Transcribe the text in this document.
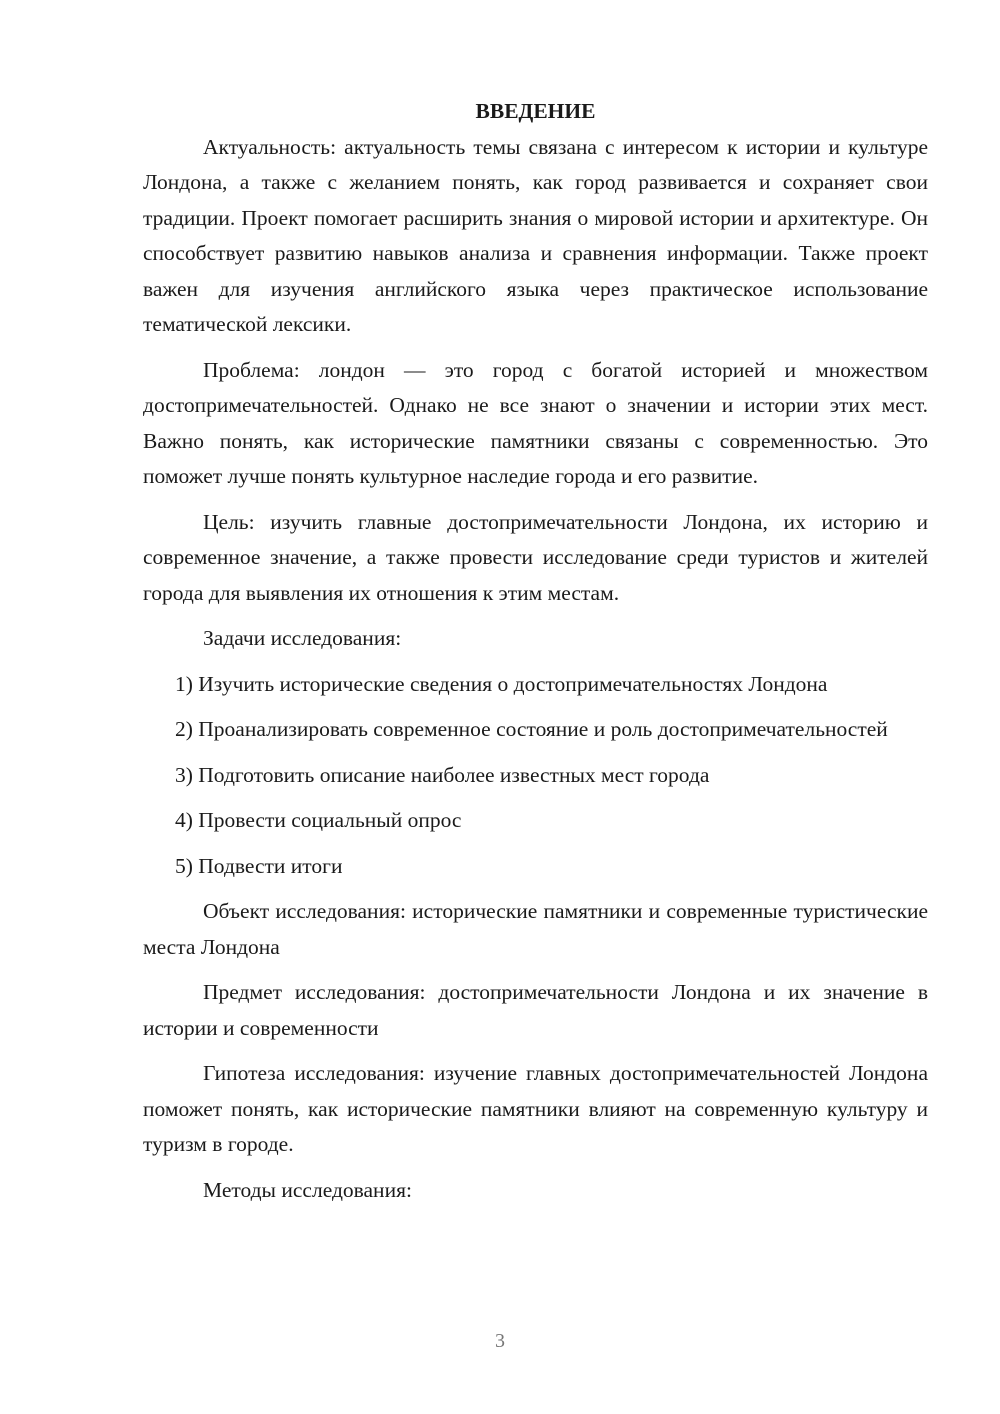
ВВЕДЕНИЕ

Актуальность: актуальность темы связана с интересом к истории и культуре Лондона, а также с желанием понять, как город развивается и сохраняет свои традиции. Проект помогает расширить знания о мировой истории и архитектуре. Он способствует развитию навыков анализа и сравнения информации. Также проект важен для изучения английского языка через практическое использование тематической лексики.

Проблема: лондон — это город с богатой историей и множеством достопримечательностей. Однако не все знают о значении и истории этих мест. Важно понять, как исторические памятники связаны с современностью. Это поможет лучше понять культурное наследие города и его развитие.

Цель: изучить главные достопримечательности Лондона, их историю и современное значение, а также провести исследование среди туристов и жителей города для выявления их отношения к этим местам.

Задачи исследования:

1) Изучить исторические сведения о достопримечательностях Лондона

2) Проанализировать современное состояние и роль достопримечательностей

3) Подготовить описание наиболее известных мест города

4) Провести социальный опрос

5) Подвести итоги

Объект исследования: исторические памятники и современные туристические места Лондона

Предмет исследования: достопримечательности Лондона и их значение в истории и современности

Гипотеза исследования: изучение главных достопримечательностей Лондона поможет понять, как исторические памятники влияют на современную культуру и туризм в городе.

Методы исследования:

3
